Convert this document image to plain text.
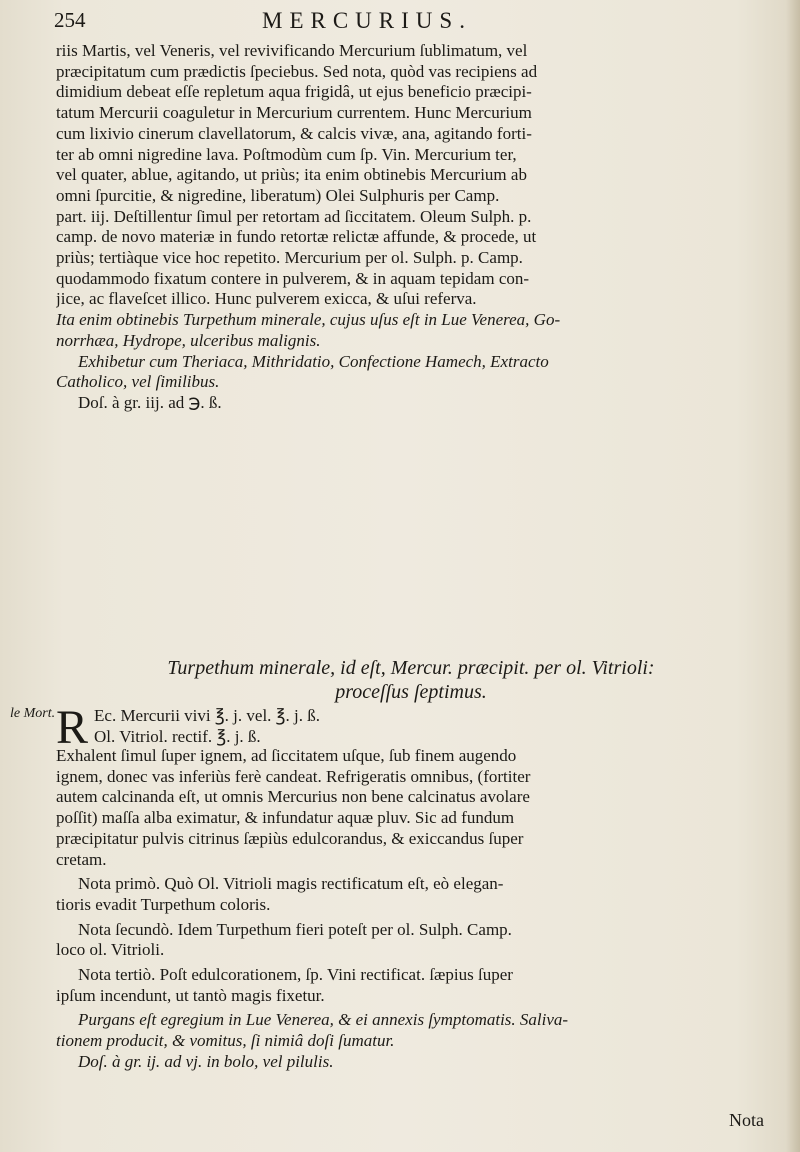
254	MERCURIUS.
riis Martis, vel Veneris, vel revivificando Mercurium ſublimatum, vel
præcipitatum cum prædictis ſpeciebus. Sed nota, quòd vas recipiens ad
dimidium debeat eſſe repletum aqua frigidâ, ut ejus beneficio præcipi-
tatum Mercurii coaguletur in Mercurium currentem. Hunc Mercurium
cum lixivio cinerum clavellatorum, & calcis vivæ, ana, agitando forti-
ter ab omni nigredine lava. Poſtmodùm cum ſp. Vin. Mercurium ter,
vel quater, ablue, agitando, ut priùs; ita enim obtinebis Mercurium ab
omni ſpurcitie, & nigredine, liberatum) Olei Sulphuris per Camp.
part. iij. Deſtillentur ſimul per retortam ad ſiccitatem. Oleum Sulph. p.
camp. de novo materiæ in fundo retortæ relictæ affunde, & procede, ut
priùs; tertiàque vice hoc repetito. Mercurium per ol. Sulph. p. Camp.
quodammodo fixatum contere in pulverem, & in aquam tepidam con-
jice, ac flaveſcet illico. Hunc pulverem exicca, & uſui referva.
Ita enim obtinebis Turpethum minerale, cujus uſus eſt in Lue Venerea, Go-
norrhæa, Hydrope, ulceribus malignis.
Exhibetur cum Theriaca, Mithridatio, Confectione Hamech, Extracto
Catholico, vel ſimilibus.
Doſ. à gr. iij. ad ℈. ß.
Turpethum minerale, id eſt, Mercur. præcipit. per ol. Vitrioli:
proceſſus ſeptimus.
le Mort. R Ec. Mercurii vivi ℥. j. vel. ℥. j. ß.
Ol. Vitriol. rectif. ℥. j. ß.
Exhalent ſimul ſuper ignem, ad ſiccitatem uſque, ſub finem augendo
ignem, donec vas inferiùs ferè candeat. Refrigeratis omnibus, (fortiter
autem calcinanda eſt, ut omnis Mercurius non bene calcinatus avolare
poſſit) maſſa alba eximatur, & infundatur aquæ pluv. Sic ad fundum
præcipitatur pulvis citrinus ſæpiùs edulcorandus, & exiccandus ſuper
cretam.
Nota primò. Quò Ol. Vitrioli magis rectificatum eſt, eò elegan-
tioris evadit Turpethum coloris.
Nota ſecundò. Idem Turpethum fieri poteſt per ol. Sulph. Camp.
loco ol. Vitrioli.
Nota tertiò. Poſt edulcorationem, ſp. Vini rectificat. ſæpius ſuper
ipſum incendunt, ut tantò magis fixetur.
Purgans eſt egregium in Lue Venerea, & ei annexis ſymptomatis. Saliva-
tionem producit, & vomitus, ſi nimiâ doſi ſumatur.
Doſ. à gr. ij. ad vj. in bolo, vel pilulis.
Nota
